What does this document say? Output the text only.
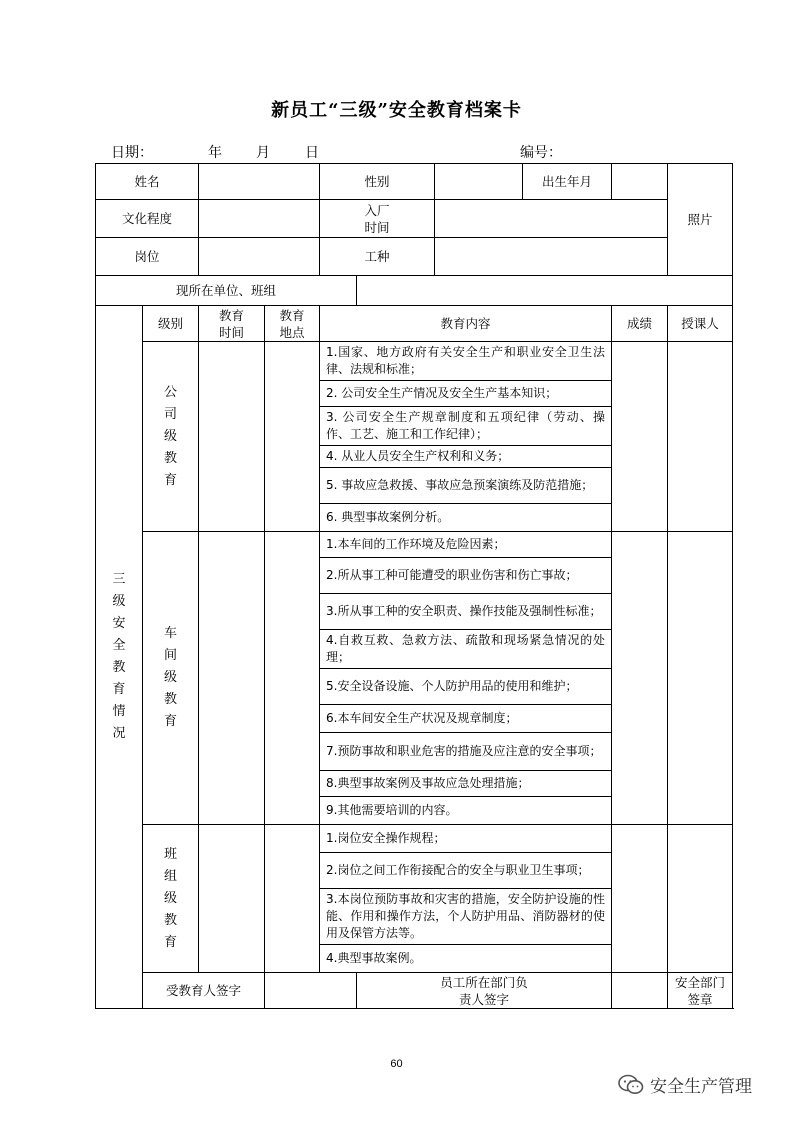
新员工“三级”安全教育档案卡
日期：	年 月	日	编号：
姓名				性别			出生年月		照片
文化程度				入厂时间					
岗位				工种					
现所在单位、班组									
三级安全教育情况	级别	教育时间	教育地点	教育内容				成绩	授课人
	公司级教育			1.国家、地方政府有关安全生产和职业安全卫生法律、法规和标准；					
				2. 公司安全生产情况及安全生产基本知识；					
				3. 公司安全生产规章制度和五项纪律（劳动、操作、工艺、施工和工作纪律）；					
				4. 从业人员安全生产权利和义务；					
				5. 事故应急救援、事故应急预案演练及防范措施；					
				6. 典型事故案例分析。					
	车间级教育			1.本车间的工作环境及危险因素；					
				2.所从事工种可能遭受的职业伤害和伤亡事故；					
				3.所从事工种的安全职责、操作技能及强制性标准；					
				4.自救互救、急救方法、疏散和现场紧急情况的处理；					
				5.安全设备设施、个人防护用品的使用和维护；					
				6.本车间安全生产状况及规章制度；					
				7.预防事故和职业危害的措施及应注意的安全事项；					
				8.典型事故案例及事故应急处理措施；					
				9.其他需要培训的内容。					
	班组级教育			1.岗位安全操作规程；					
				2.岗位之间工作衔接配合的安全与职业卫生事项；					
				3.本岗位预防事故和灾害的措施，安全防护设施的性能、作用和操作方法，个人防护用品、消防器材的使用及保管方法等。					
				4.典型事故案例。					
	受教育人签字				员工所在部门负责人签字				安全部门签章
60
安全生产管理
